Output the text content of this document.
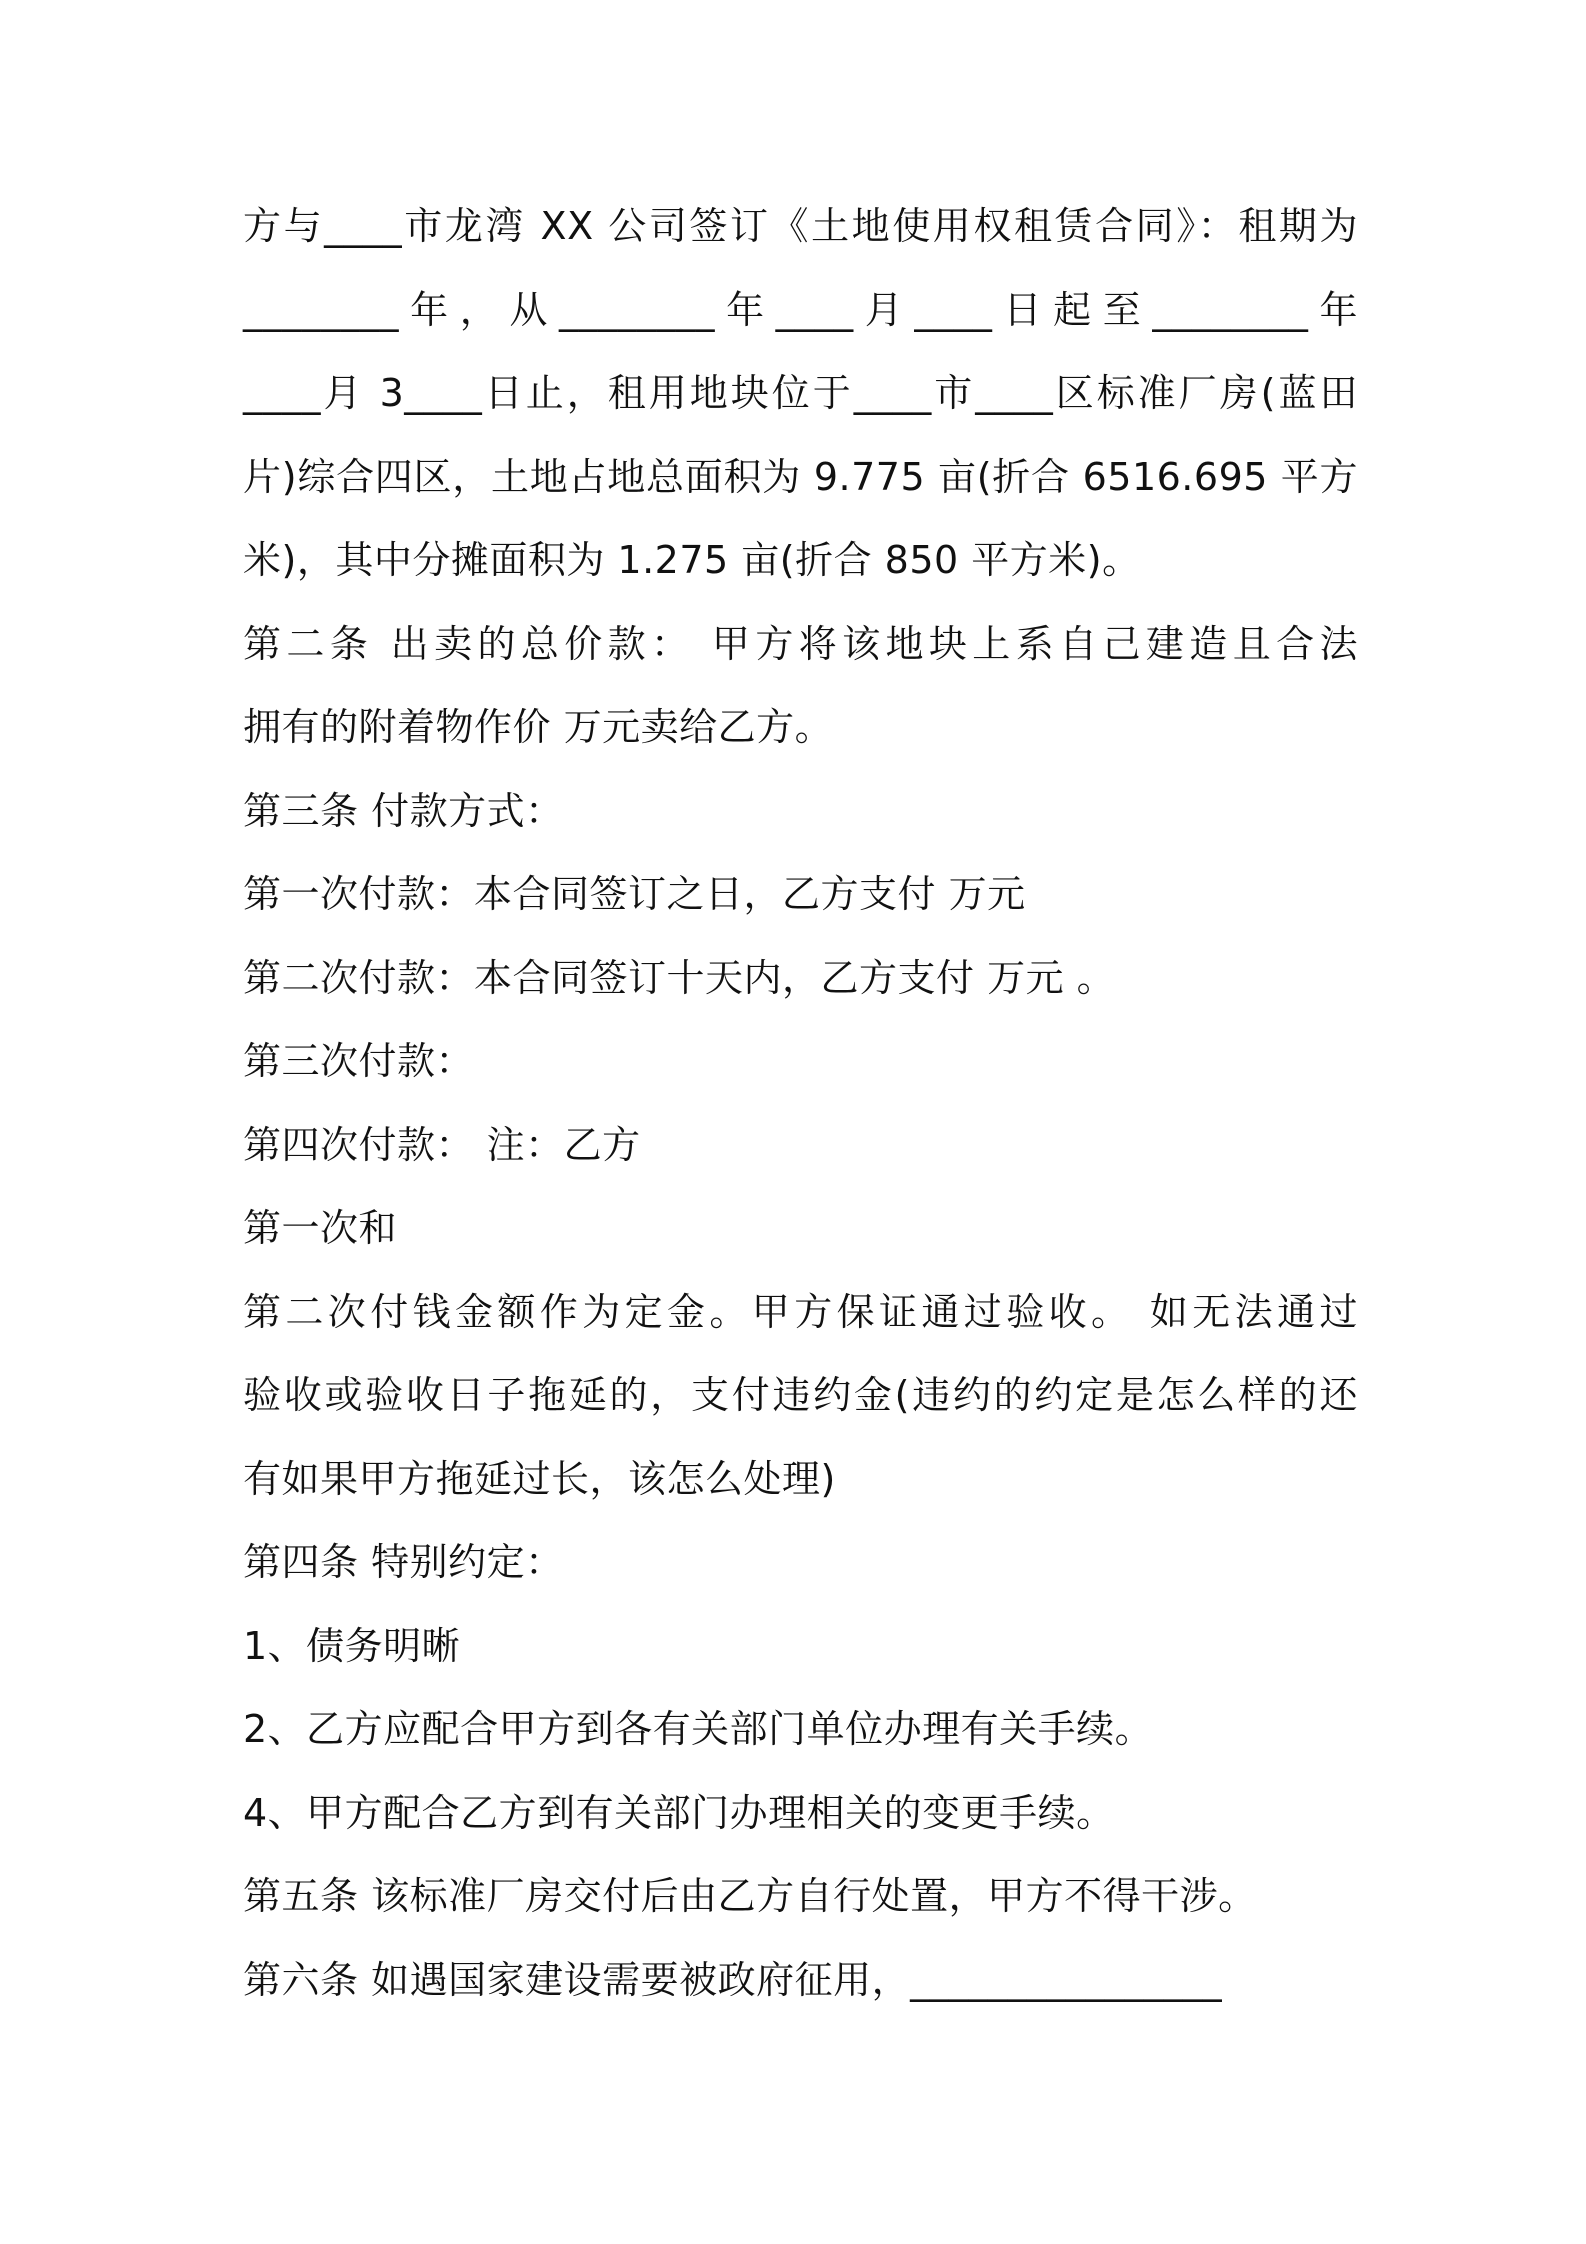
方与____市龙湾 XX 公司签订《土地使用权租赁合同》：租期为
________年，从________年____月____日起至________年
____月 3____日止，租用地块位于____市____区标准厂房(蓝田
片)综合四区，土地占地总面积为 9.775 亩(折合 6516.695 平方
米)，其中分摊面积为 1.275 亩(折合 850 平方米)。
第二条 出卖的总价款： 甲方将该地块上系自己建造且合法
拥有的附着物作价 万元卖给乙方。
第三条 付款方式：
第一次付款：本合同签订之日，乙方支付 万元
第二次付款：本合同签订十天内，乙方支付 万元 。
第三次付款：
第四次付款： 注：乙方
第一次和
第二次付钱金额作为定金。甲方保证通过验收。 如无法通过
验收或验收日子拖延的，支付违约金(违约的约定是怎么样的还
有如果甲方拖延过长，该怎么处理)
第四条 特别约定：
1、债务明晰
2、乙方应配合甲方到各有关部门单位办理有关手续。
4、甲方配合乙方到有关部门办理相关的变更手续。
第五条 该标准厂房交付后由乙方自行处置，甲方不得干涉。
第六条 如遇国家建设需要被政府征用，________________
